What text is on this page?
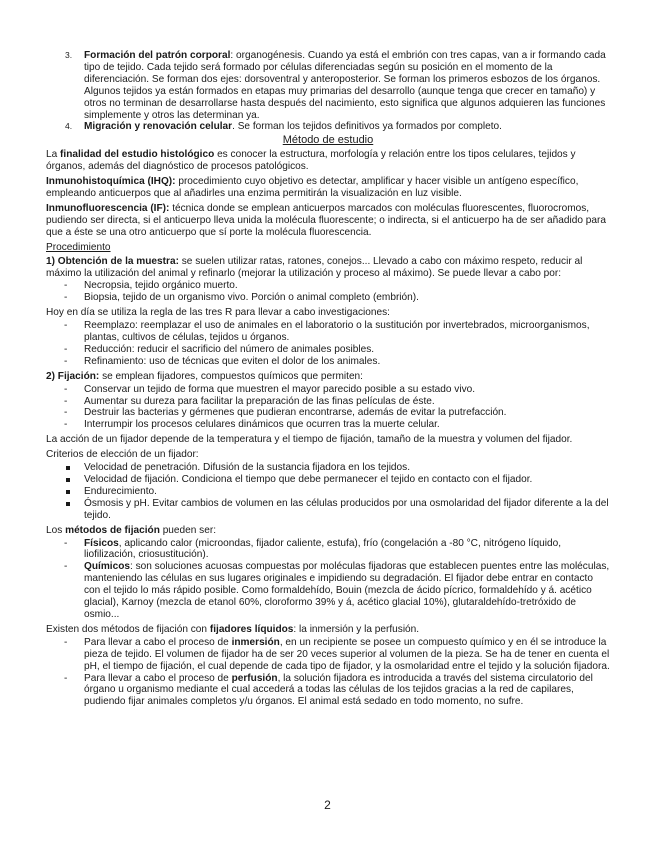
3. Formación del patrón corporal: organogénesis. Cuando ya está el embrión con tres capas, van a ir formando cada tipo de tejido. Cada tejido será formado por células diferenciadas según su posición en el momento de la diferenciación. Se forman dos ejes: dorsoventral y anteroposterior. Se forman los primeros esbozos de los órganos. Algunos tejidos ya están formados en etapas muy primarias del desarrollo (aunque tenga que crecer en tamaño) y otros no terminan de desarrollarse hasta después del nacimiento, esto significa que algunos adquieren las funciones simplemente y otros las determinan ya.
4. Migración y renovación celular. Se forman los tejidos definitivos ya formados por completo.
Método de estudio

La finalidad del estudio histológico es conocer la estructura, morfología y relación entre los tipos celulares, tejidos y órganos, además del diagnóstico de procesos patológicos.

Inmunohistoquímica (IHQ): procedimiento cuyo objetivo es detectar, amplificar y hacer visible un antígeno específico, empleando anticuerpos que al añadirles una enzima permitirán la visualización en luz visible.

Inmunofluorescencia (IF): técnica donde se emplean anticuerpos marcados con moléculas fluorescentes, fluorocromos, pudiendo ser directa, si el anticuerpo lleva unida la molécula fluorescente; o indirecta, si el anticuerpo ha de ser añadido para que a éste se una otro anticuerpo que sí porte la molécula fluorescencia.

Procedimiento

1) Obtención de la muestra: se suelen utilizar ratas, ratones, conejos... Llevado a cabo con máximo respeto, reducir al máximo la utilización del animal y refinarlo (mejorar la utilización y proceso al máximo). Se puede llevar a cabo por:

- Necropsia, tejido orgánico muerto.
- Biopsia, tejido de un organismo vivo. Porción o animal completo (embrión).

Hoy en día se utiliza la regla de las tres R para llevar a cabo investigaciones:

- Reemplazo: reemplazar el uso de animales en el laboratorio o la sustitución por invertebrados, microorganismos, plantas, cultivos de células, tejidos u órganos.
- Reducción: reducir el sacrificio del número de animales posibles.
- Refinamiento: uso de técnicas que eviten el dolor de los animales.

2) Fijación: se emplean fijadores, compuestos químicos que permiten:

- Conservar un tejido de forma que muestren el mayor parecido posible a su estado vivo.
- Aumentar su dureza para facilitar la preparación de las finas películas de éste.
- Destruir las bacterias y gérmenes que pudieran encontrarse, además de evitar la putrefacción.
- Interrumpir los procesos celulares dinámicos que ocurren tras la muerte celular.

La acción de un fijador depende de la temperatura y el tiempo de fijación, tamaño de la muestra y volumen del fijador.

Criterios de elección de un fijador:

Velocidad de penetración. Difusión de la sustancia fijadora en los tejidos.
Velocidad de fijación. Condiciona el tiempo que debe permanecer el tejido en contacto con el fijador.
Endurecimiento.
Ósmosis y pH. Evitar cambios de volumen en las células producidos por una osmolaridad del fijador diferente a la del tejido.

Los métodos de fijación pueden ser:

- Físicos, aplicando calor (microondas, fijador caliente, estufa), frío (congelación a -80 °C, nitrógeno líquido, liofilización, criosustitución).
- Químicos: son soluciones acuosas compuestas por moléculas fijadoras que establecen puentes entre las moléculas, manteniendo las células en sus lugares originales e impidiendo su degradación. El fijador debe entrar en contacto con el tejido lo más rápido posible. Como formaldehído, Bouin (mezcla de ácido pícrico, formaldehído y á. acético glacial), Karnoy (mezcla de etanol 60%, cloroformo 39% y á, acético glacial 10%), glutaraldehído-tretróxido de osmio...

Existen dos métodos de fijación con fijadores líquidos: la inmersión y la perfusión.

- Para llevar a cabo el proceso de inmersión, en un recipiente se posee un compuesto químico y en él se introduce la pieza de tejido. El volumen de fijador ha de ser 20 veces superior al volumen de la pieza. Se ha de tener en cuenta el pH, el tiempo de fijación, el cual depende de cada tipo de fijador, y la osmolaridad entre el tejido y la solución fijadora.
- Para llevar a cabo el proceso de perfusión, la solución fijadora es introducida a través del sistema circulatorio del órgano u organismo mediante el cual accederá a todas las células de los tejidos gracias a la red de capilares, pudiendo fijar animales completos y/u órganos. El animal está sedado en todo momento, no sufre.
2
